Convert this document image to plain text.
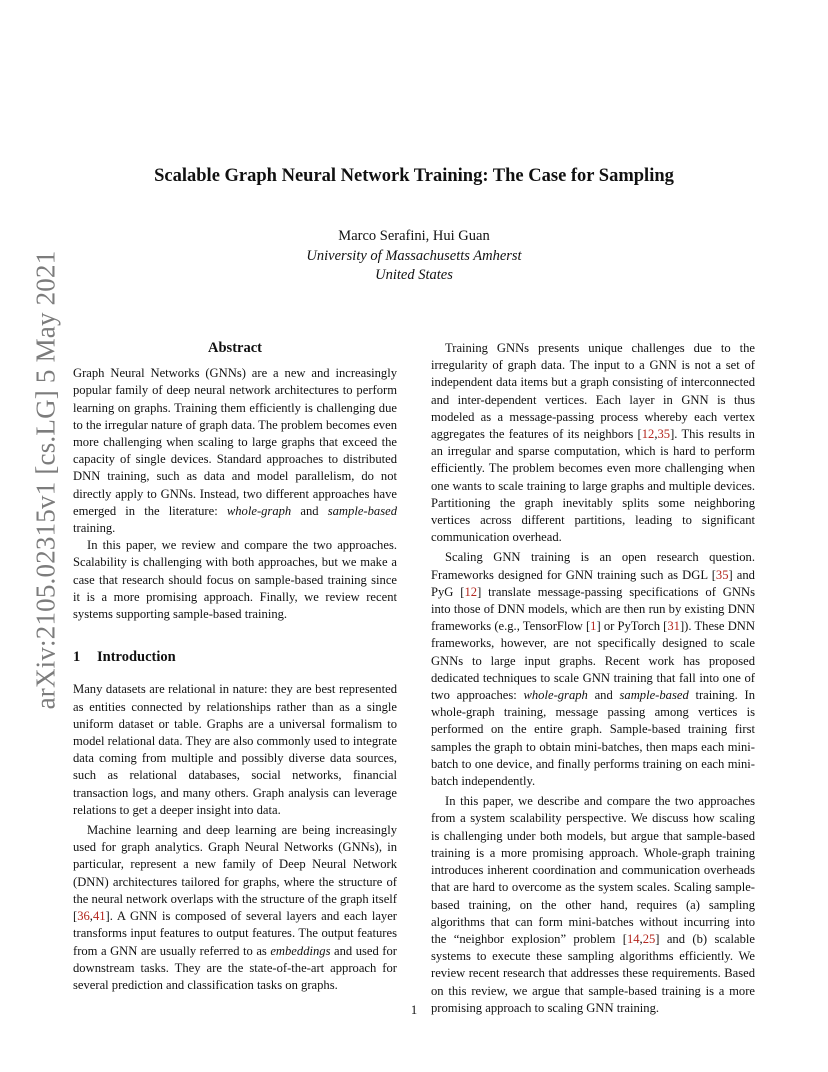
arXiv:2105.02315v1 [cs.LG] 5 May 2021
Scalable Graph Neural Network Training: The Case for Sampling
Marco Serafini, Hui Guan
University of Massachusetts Amherst
United States
Abstract

Graph Neural Networks (GNNs) are a new and increasingly popular family of deep neural network architectures to perform learning on graphs. Training them efficiently is challenging due to the irregular nature of graph data. The problem becomes even more challenging when scaling to large graphs that exceed the capacity of single devices. Standard approaches to distributed DNN training, such as data and model parallelism, do not directly apply to GNNs. Instead, two different approaches have emerged in the literature: whole-graph and sample-based training.

In this paper, we review and compare the two approaches. Scalability is challenging with both approaches, but we make a case that research should focus on sample-based training since it is a more promising approach. Finally, we review recent systems supporting sample-based training.

1 Introduction

Many datasets are relational in nature: they are best represented as entities connected by relationships rather than as a single uniform dataset or table. Graphs are a universal formalism to model relational data. They are also commonly used to integrate data coming from multiple and possibly diverse data sources, such as relational databases, social networks, financial transaction logs, and many others. Graph analysis can leverage relations to get a deeper insight into data.

Machine learning and deep learning are being increasingly used for graph analytics. Graph Neural Networks (GNNs), in particular, represent a new family of Deep Neural Network (DNN) architectures tailored for graphs, where the structure of the neural network overlaps with the structure of the graph itself [36,41]. A GNN is composed of several layers and each layer transforms input features to output features. The output features from a GNN are usually referred to as embeddings and used for downstream tasks. They are the state-of-the-art approach for several prediction and classification tasks on graphs.

Training GNNs presents unique challenges due to the irregularity of graph data. The input to a GNN is not a set of independent data items but a graph consisting of interconnected and inter-dependent vertices. Each layer in GNN is thus modeled as a message-passing process whereby each vertex aggregates the features of its neighbors [12,35]. This results in an irregular and sparse computation, which is hard to perform efficiently. The problem becomes even more challenging when one wants to scale training to large graphs and multiple devices. Partitioning the graph inevitably splits some neighboring vertices across different partitions, leading to significant communication overhead.

Scaling GNN training is an open research question. Frameworks designed for GNN training such as DGL [35] and PyG [12] translate message-passing specifications of GNNs into those of DNN models, which are then run by existing DNN frameworks (e.g., TensorFlow [1] or PyTorch [31]). These DNN frameworks, however, are not specifically designed to scale GNNs to large input graphs. Recent work has proposed dedicated techniques to scale GNN training that fall into one of two approaches: whole-graph and sample-based training. In whole-graph training, message passing among vertices is performed on the entire graph. Sample-based training first samples the graph to obtain mini-batches, then maps each mini-batch to one device, and finally performs training on each mini-batch independently.

In this paper, we describe and compare the two approaches from a system scalability perspective. We discuss how scaling is challenging under both models, but argue that sample-based training is a more promising approach. Whole-graph training introduces inherent coordination and communication overheads that are hard to overcome as the system scales. Scaling sample-based training, on the other hand, requires (a) sampling algorithms that can form mini-batches without incurring into the “neighbor explosion” problem [14,25] and (b) scalable systems to execute these sampling algorithms efficiently. We review recent research that addresses these requirements. Based on this review, we argue that sample-based training is a more promising approach to scaling GNN training.

1
